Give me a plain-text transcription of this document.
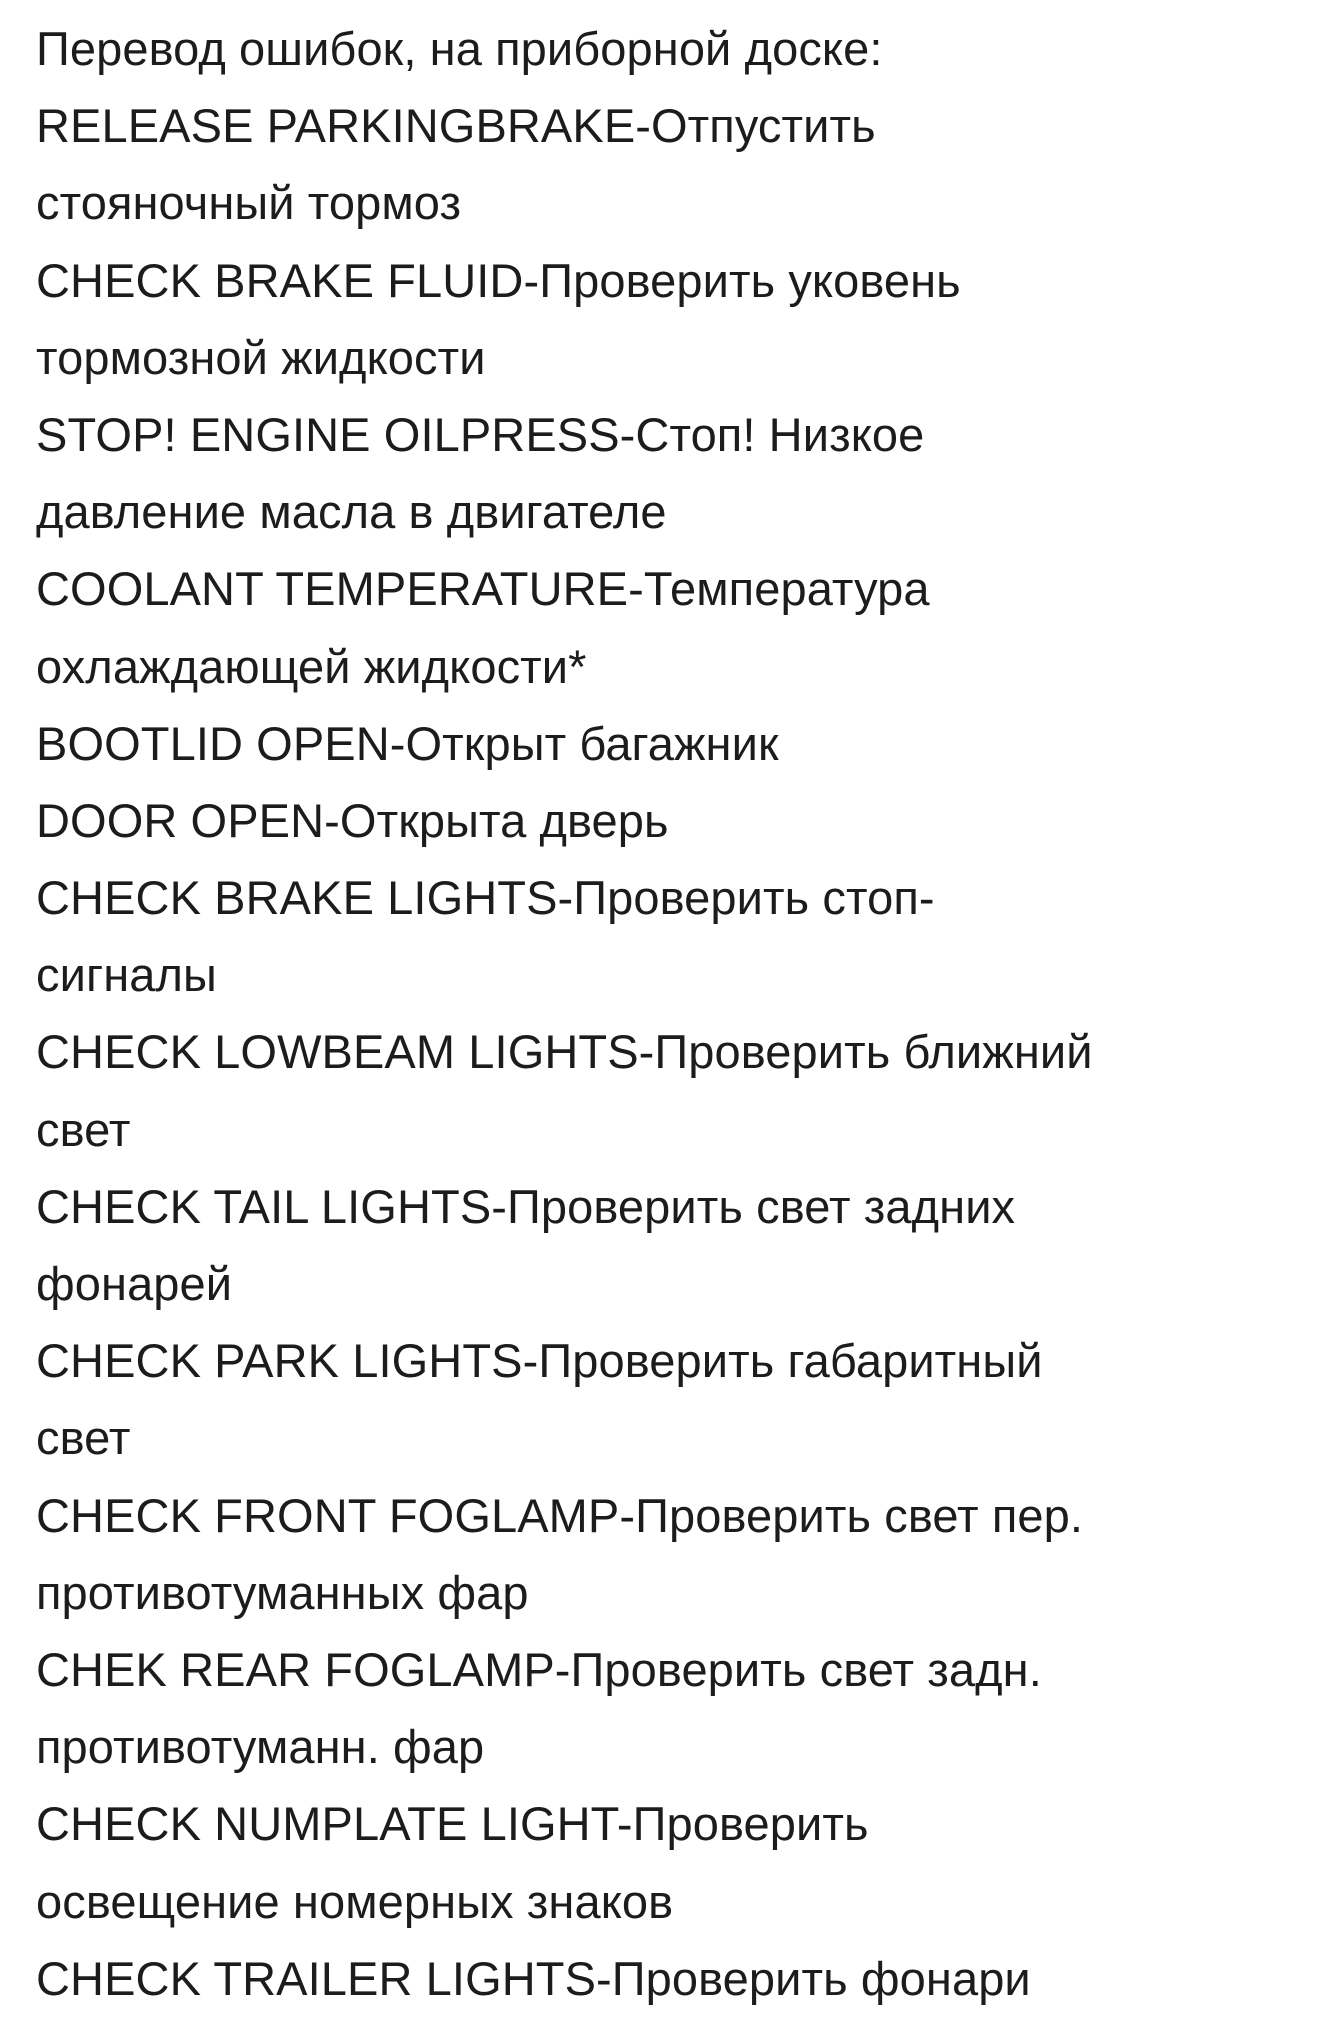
Перевод ошибок, на приборной доске:
RELEASE PARKINGBRAKE-Отпустить
стояночный тормоз
CHECK BRAKE FLUID-Проверить уковень
тормозной жидкости
STOP! ENGINE OILPRESS-Стоп! Низкое
давление масла в двигателе
COOLANT TEMPERATURE-Температура
охлаждающей жидкости*
BOOTLID OPEN-Открыт багажник
DOOR OPEN-Открыта дверь
CHECK BRAKE LIGHTS-Проверить стоп-
сигналы
CHECK LOWBEAM LIGHTS-Проверить ближний
свет
CHECK TAIL LIGHTS-Проверить свет задних
фонарей
CHECK PARK LIGHTS-Проверить габаритный
свет
CHECK FRONT FOGLAMP-Проверить свет пер.
противотуманных фар
CHEK REAR FOGLAMP-Проверить свет задн.
противотуманн. фар
CHECK NUMPLATE LIGHT-Проверить
освещение номерных знаков
CHECK TRAILER LIGHTS-Проверить фонари
